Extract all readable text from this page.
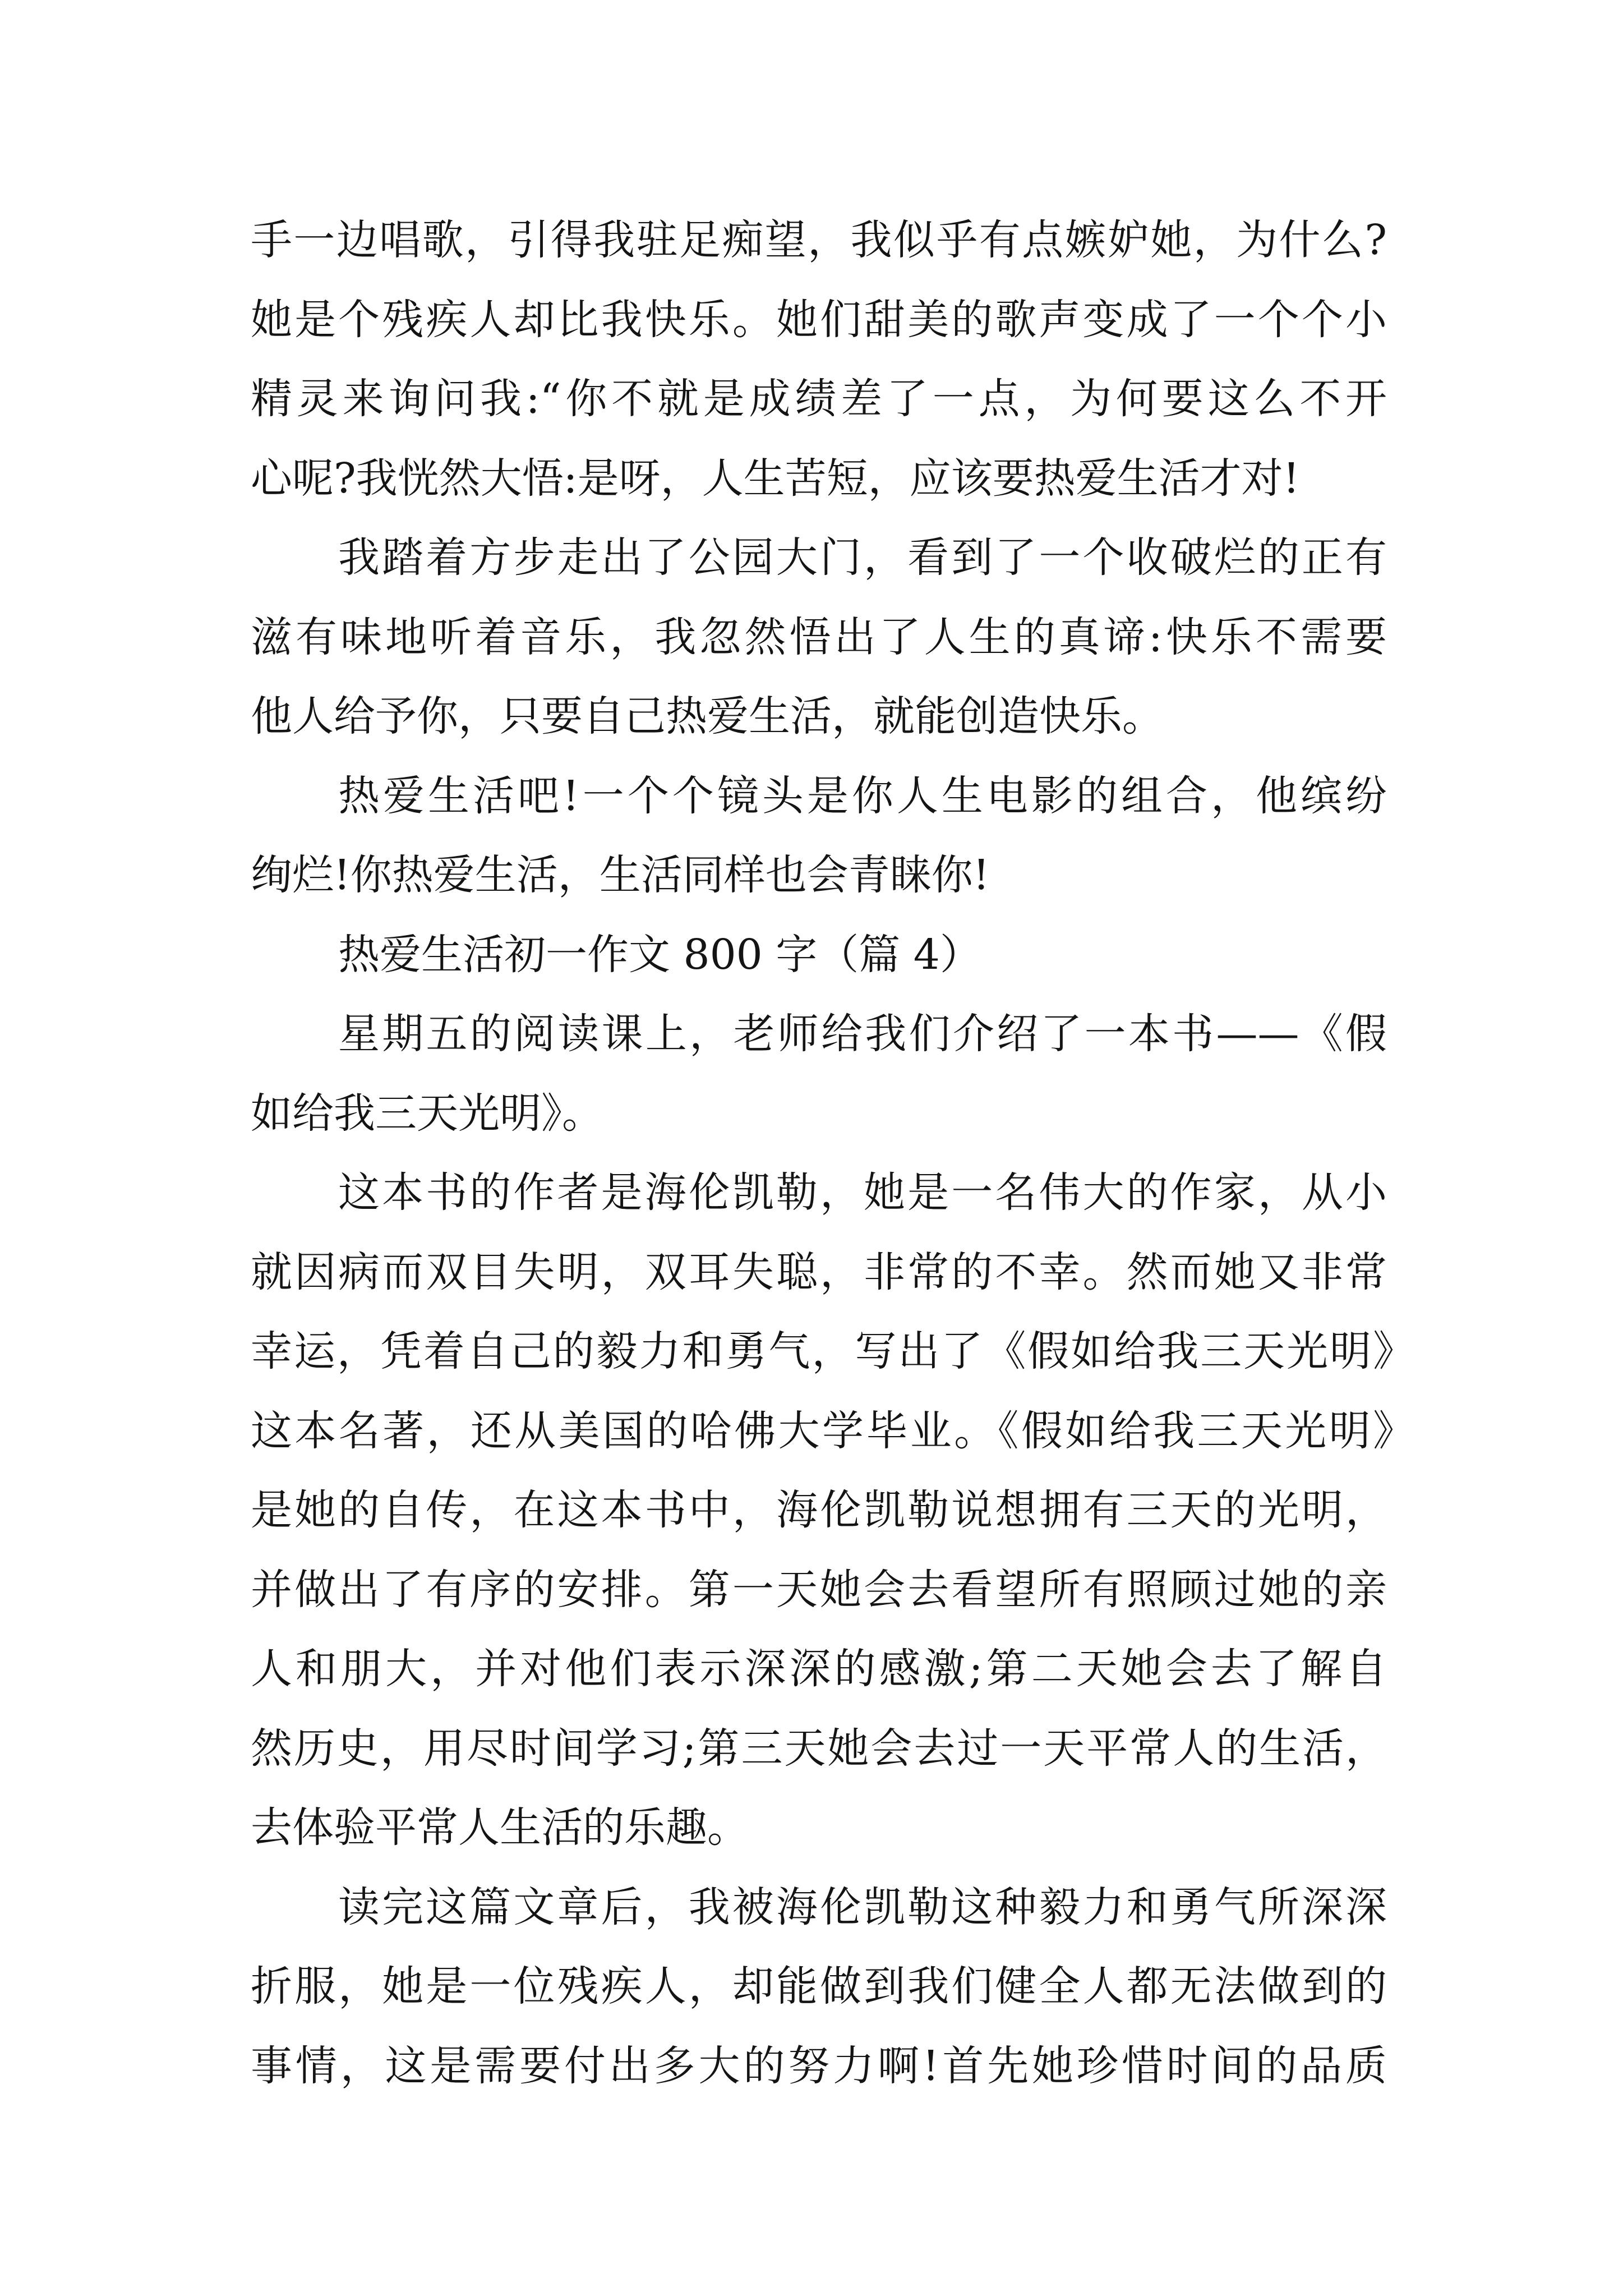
手一边唱歌，引得我驻足痴望，我似乎有点嫉妒她，为什么?
她是个残疾人却比我快乐。她们甜美的歌声变成了一个个小
精灵来询问我:“你不就是成绩差了一点，为何要这么不开
心呢?我恍然大悟:是呀，人生苦短，应该要热爱生活才对!
我踏着方步走出了公园大门，看到了一个收破烂的正有
滋有味地听着音乐，我忽然悟出了人生的真谛:快乐不需要
他人给予你，只要自己热爱生活，就能创造快乐。
热爱生活吧!一个个镜头是你人生电影的组合，他缤纷
绚烂!你热爱生活，生活同样也会青睐你!
热爱生活初一作文 800 字（篇 4）
星期五的阅读课上，老师给我们介绍了一本书——《假
如给我三天光明》。
这本书的作者是海伦凯勒，她是一名伟大的作家，从小
就因病而双目失明，双耳失聪，非常的不幸。然而她又非常
幸运，凭着自己的毅力和勇气，写出了《假如给我三天光明》
这本名著，还从美国的哈佛大学毕业。《假如给我三天光明》
是她的自传，在这本书中，海伦凯勒说想拥有三天的光明，
并做出了有序的安排。第一天她会去看望所有照顾过她的亲
人和朋大，并对他们表示深深的感激;第二天她会去了解自
然历史，用尽时间学习;第三天她会去过一天平常人的生活，
去体验平常人生活的乐趣。
读完这篇文章后，我被海伦凯勒这种毅力和勇气所深深
折服，她是一位残疾人，却能做到我们健全人都无法做到的
事情，这是需要付出多大的努力啊!首先她珍惜时间的品质
